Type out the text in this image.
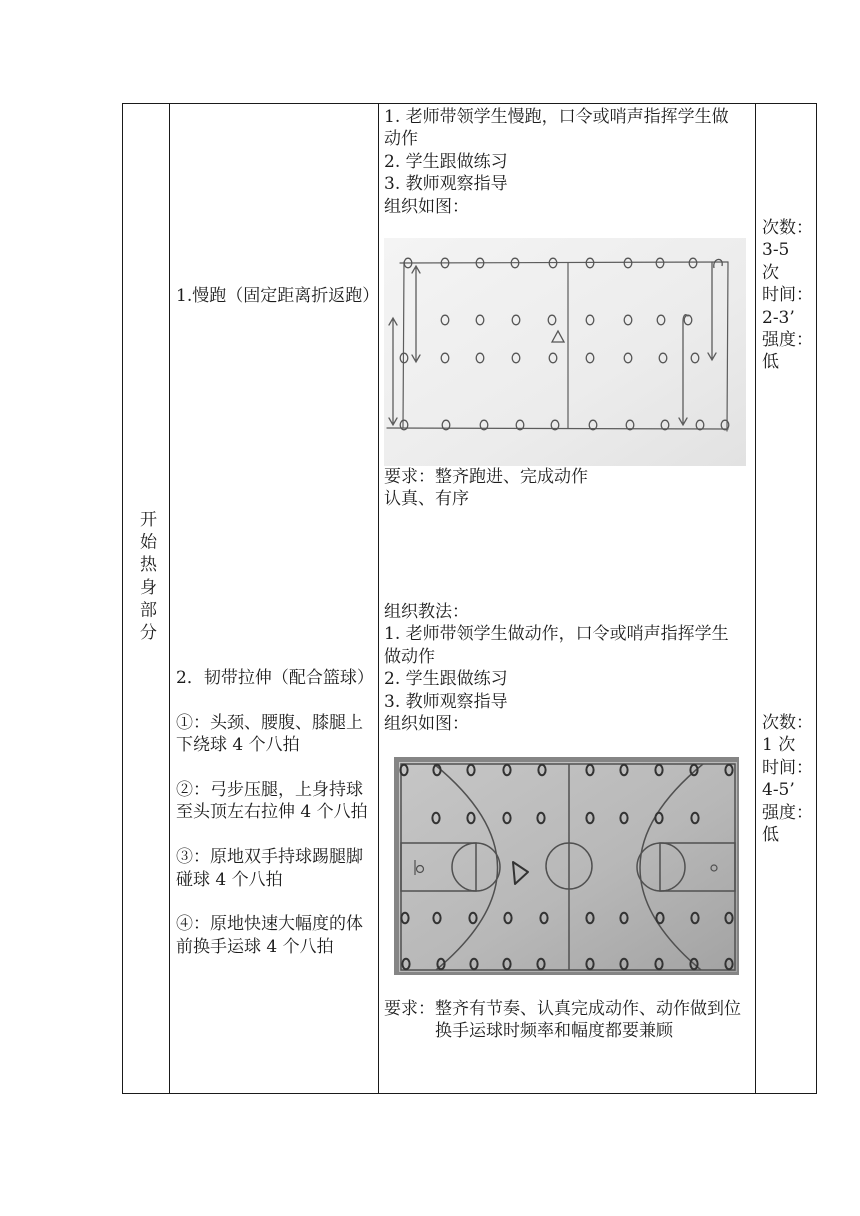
开始热身部分
1.慢跑（固定距离折返跑）
2．韧带拉伸（配合篮球）
①：头颈、腰腹、膝腿上
下绕球 4 个八拍
②：弓步压腿，上身持球
至头顶左右拉伸 4 个八拍
③：原地双手持球踢腿脚
碰球 4 个八拍
④：原地快速大幅度的体
前换手运球 4 个八拍
1. 老师带领学生慢跑，口令或哨声指挥学生做
动作
2. 学生跟做练习
3. 教师观察指导
组织如图：
要求：整齐跑进、完成动作
认真、有序
组织教法：
1. 老师带领学生做动作，口令或哨声指挥学生
做动作
2. 学生跟做练习
3. 教师观察指导
组织如图：
要求： 整齐有节奏、认真完成动作、动作做到位
换手运球时频率和幅度都要兼顾
次数：
3-5
次
时间：
2-3’
强度：
低
次数：
1 次
时间：
4-5’
强度：
低
